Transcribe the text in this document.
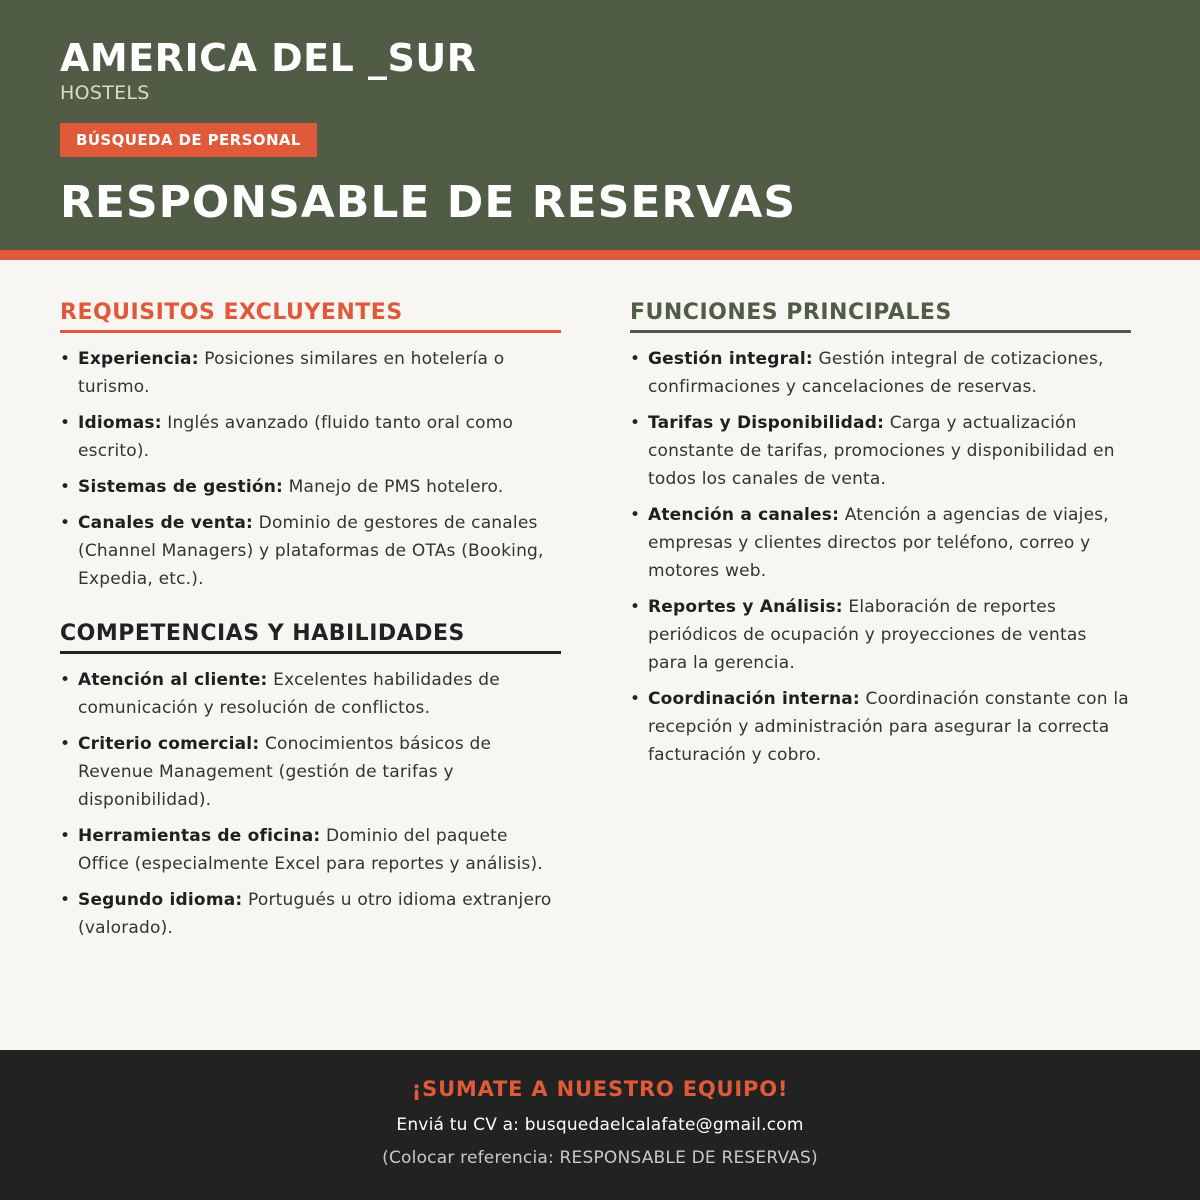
AMERICA DEL _SUR
HOSTELS
BÚSQUEDA DE PERSONAL
RESPONSABLE DE RESERVAS
REQUISITOS EXCLUYENTES
• Experiencia: Posiciones similares en hotelería o turismo.
• Idiomas: Inglés avanzado (fluido tanto oral como escrito).
• Sistemas de gestión: Manejo de PMS hotelero.
• Canales de venta: Dominio de gestores de canales (Channel Managers) y plataformas de OTAs (Booking, Expedia, etc.).
COMPETENCIAS Y HABILIDADES
• Atención al cliente: Excelentes habilidades de comunicación y resolución de conflictos.
• Criterio comercial: Conocimientos básicos de Revenue Management (gestión de tarifas y disponibilidad).
• Herramientas de oficina: Dominio del paquete Office (especialmente Excel para reportes y análisis).
• Segundo idioma: Portugués u otro idioma extranjero (valorado).
FUNCIONES PRINCIPALES
• Gestión integral: Gestión integral de cotizaciones, confirmaciones y cancelaciones de reservas.
• Tarifas y Disponibilidad: Carga y actualización constante de tarifas, promociones y disponibilidad en todos los canales de venta.
• Atención a canales: Atención a agencias de viajes, empresas y clientes directos por teléfono, correo y motores web.
• Reportes y Análisis: Elaboración de reportes periódicos de ocupación y proyecciones de ventas para la gerencia.
• Coordinación interna: Coordinación constante con la recepción y administración para asegurar la correcta facturación y cobro.
¡SUMATE A NUESTRO EQUIPO!
Enviá tu CV a: busquedaelcalafate@gmail.com
(Colocar referencia: RESPONSABLE DE RESERVAS)
